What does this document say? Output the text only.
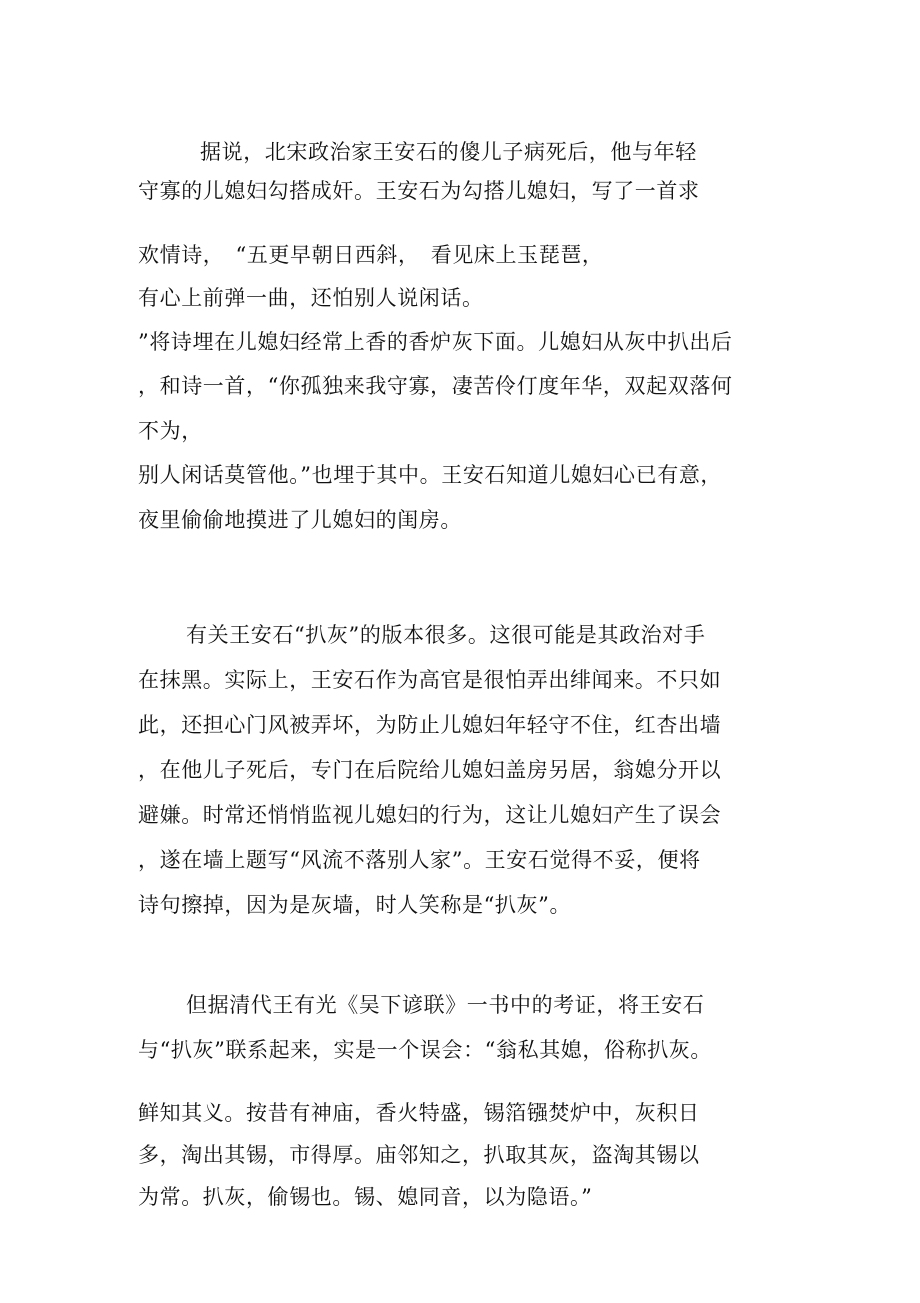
据说，北宋政治家王安石的傻儿子病死后，他与年轻
守寡的儿媳妇勾搭成奸。王安石为勾搭儿媳妇，写了一首求
欢情诗，　“五更早朝日西斜，　看见床上玉琵琶，
有心上前弹一曲，还怕别人说闲话。
”将诗埋在儿媳妇经常上香的香炉灰下面。儿媳妇从灰中扒出后
，和诗一首，“你孤独来我守寡，凄苦伶仃度年华，双起双落何
不为，
别人闲话莫管他。”也埋于其中。王安石知道儿媳妇心已有意，
夜里偷偷地摸进了儿媳妇的闺房。
有关王安石“扒灰”的版本很多。这很可能是其政治对手
在抹黑。实际上，王安石作为高官是很怕弄出绯闻来。不只如
此，还担心门风被弄坏，为防止儿媳妇年轻守不住，红杏出墙
，在他儿子死后，专门在后院给儿媳妇盖房另居，翁媳分开以
避嫌。时常还悄悄监视儿媳妇的行为，这让儿媳妇产生了误会
，遂在墙上题写“风流不落别人家”。王安石觉得不妥，便将
诗句擦掉，因为是灰墙，时人笑称是“扒灰”。
但据清代王有光《吴下谚联》一书中的考证，将王安石
与“扒灰”联系起来，实是一个误会：“翁私其媳，俗称扒灰。
鲜知其义。按昔有神庙，香火特盛，锡箔镪焚炉中，灰积日
多，淘出其锡，市得厚。庙邻知之，扒取其灰，盗淘其锡以
为常。扒灰，偷锡也。锡、媳同音，以为隐语。”
